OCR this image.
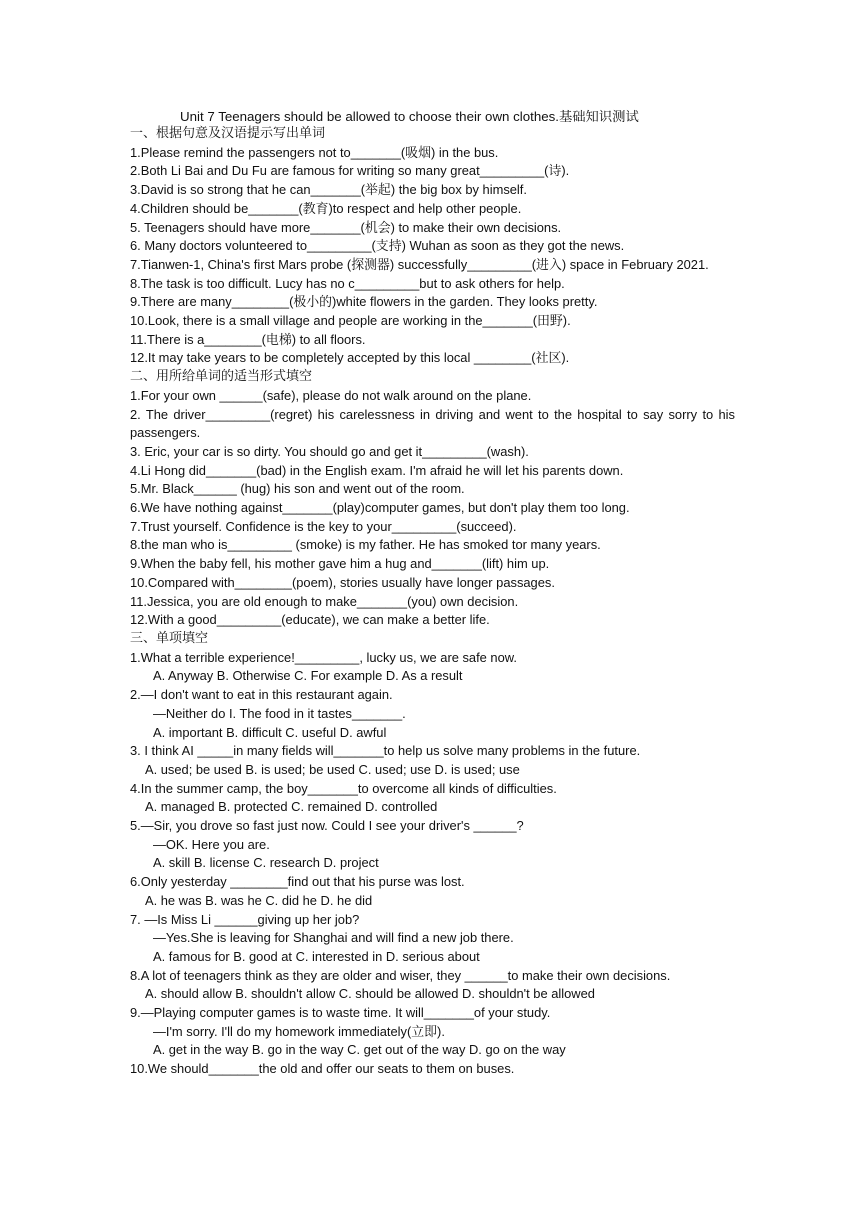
Unit 7 Teenagers should be allowed to choose their own clothes.基础知识测试
一、根据句意及汉语提示写出单词
1.Please remind the passengers not to_______(吸烟) in the bus.
2.Both Li Bai and Du Fu are famous for writing so many great_________(诗).
3.David is so strong that he can_______(举起) the big box by himself.
4.Children should be_______(教育)to respect and help other people.
5. Teenagers should have more_______(机会) to make their own decisions.
6. Many doctors volunteered to_________(支持) Wuhan as soon as they got the news.
7.Tianwen-1, China's first Mars probe (探测器) successfully_________(进入) space in February 2021.
8.The task is too difficult. Lucy has no c_________but to ask others for help.
9.There are many________(极小的)white flowers in the garden. They looks pretty.
10.Look, there is a small village and people are working in the_______(田野).
11.There is a________(电梯) to all floors.
12.It may take years to be completely accepted by this local ________(社区).
二、用所给单词的适当形式填空
1.For your own ______(safe), please do not walk around on the plane.
2. The driver_________(regret) his carelessness in driving and went to the hospital to say sorry to his passengers.
3. Eric, your car is so dirty. You should go and get it_________(wash).
4.Li Hong did_______(bad) in the English exam. I'm afraid he will let his parents down.
5.Mr. Black______ (hug) his son and went out of the room.
6.We have nothing against_______(play)computer games, but don't play them too long.
7.Trust yourself. Confidence is the key to your_________(succeed).
8.the man who is_________ (smoke) is my father. He has smoked tor many years.
9.When the baby fell, his mother gave him a hug and_______(lift) him up.
10.Compared with________(poem), stories usually have longer passages.
11.Jessica, you are old enough to make_______(you) own decision.
12.With a good_________(educate), we can make a better life.
三、单项填空
1.What a terrible experience!_________, lucky us, we are safe now.
A. Anyway B. Otherwise C. For example D. As a result
2.—I don't want to eat in this restaurant again.
—Neither do I. The food in it tastes_______.
A. important B. difficult C. useful D. awful
3. I think AI _____in many fields will_______to help us solve many problems in the future.
A. used; be used B. is used; be used C. used; use D. is used; use
4.In the summer camp, the boy_______to overcome all kinds of difficulties.
A. managed B. protected C. remained D. controlled
5.—Sir, you drove so fast just now. Could I see your driver's ______?
—OK. Here you are.
A. skill B. license C. research D. project
6.Only yesterday ________find out that his purse was lost.
A. he was B. was he C. did he D. he did
7. —Is Miss Li ______giving up her job?
—Yes.She is leaving for Shanghai and will find a new job there.
A. famous for B. good at C. interested in D. serious about
8.A lot of teenagers think as they are older and wiser, they ______to make their own decisions.
A. should allow B. shouldn't allow C. should be allowed D. shouldn't be allowed
9.—Playing computer games is to waste time. It will_______of your study.
—I'm sorry. I'll do my homework immediately(立即).
A. get in the way B. go in the way C. get out of the way D. go on the way
10.We should_______the old and offer our seats to them on buses.
